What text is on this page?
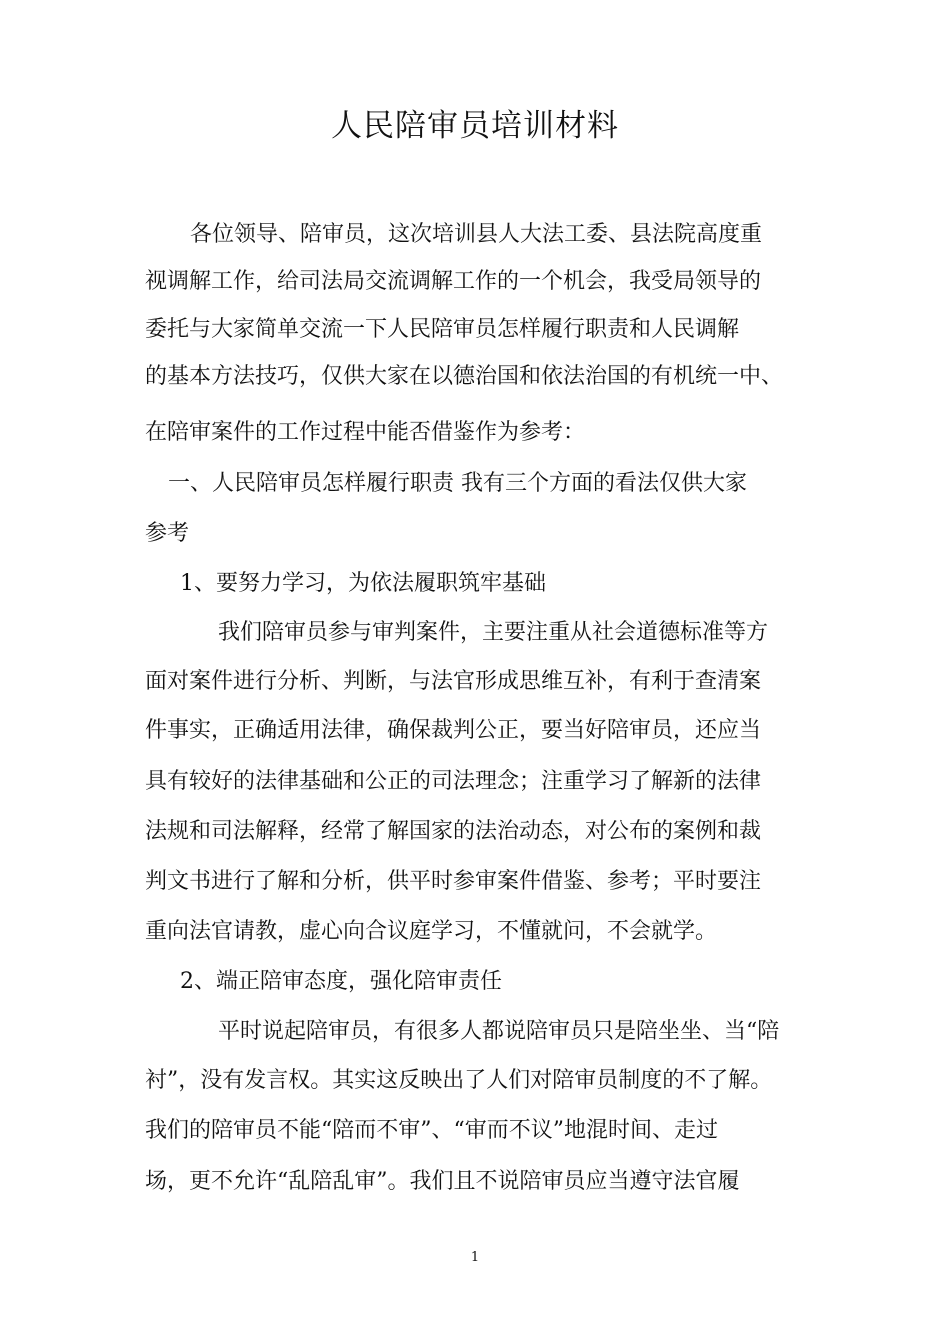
人民陪审员培训材料

各位领导、陪审员，这次培训县人大法工委、县法院高度重

视调解工作，给司法局交流调解工作的一个机会，我受局领导的

委托与大家简单交流一下人民陪审员怎样履行职责和人民调解

的基本方法技巧，仅供大家在以德治国和依法治国的有机统一中、

在陪审案件的工作过程中能否借鉴作为参考：

一、人民陪审员怎样履行职责 我有三个方面的看法仅供大家

参考

1、要努力学习，为依法履职筑牢基础

我们陪审员参与审判案件，主要注重从社会道德标准等方

面对案件进行分析、判断，与法官形成思维互补，有利于查清案

件事实，正确适用法律，确保裁判公正，要当好陪审员，还应当

具有较好的法律基础和公正的司法理念；注重学习了解新的法律

法规和司法解释，经常了解国家的法治动态，对公布的案例和裁

判文书进行了解和分析，供平时参审案件借鉴、参考；平时要注

重向法官请教，虚心向合议庭学习，不懂就问，不会就学。

2、端正陪审态度，强化陪审责任

平时说起陪审员，有很多人都说陪审员只是陪坐坐、当“陪

衬”，没有发言权。其实这反映出了人们对陪审员制度的不了解。

我们的陪审员不能“陪而不审”、“审而不议”地混时间、走过

场，更不允许“乱陪乱审”。我们且不说陪审员应当遵守法官履

1
